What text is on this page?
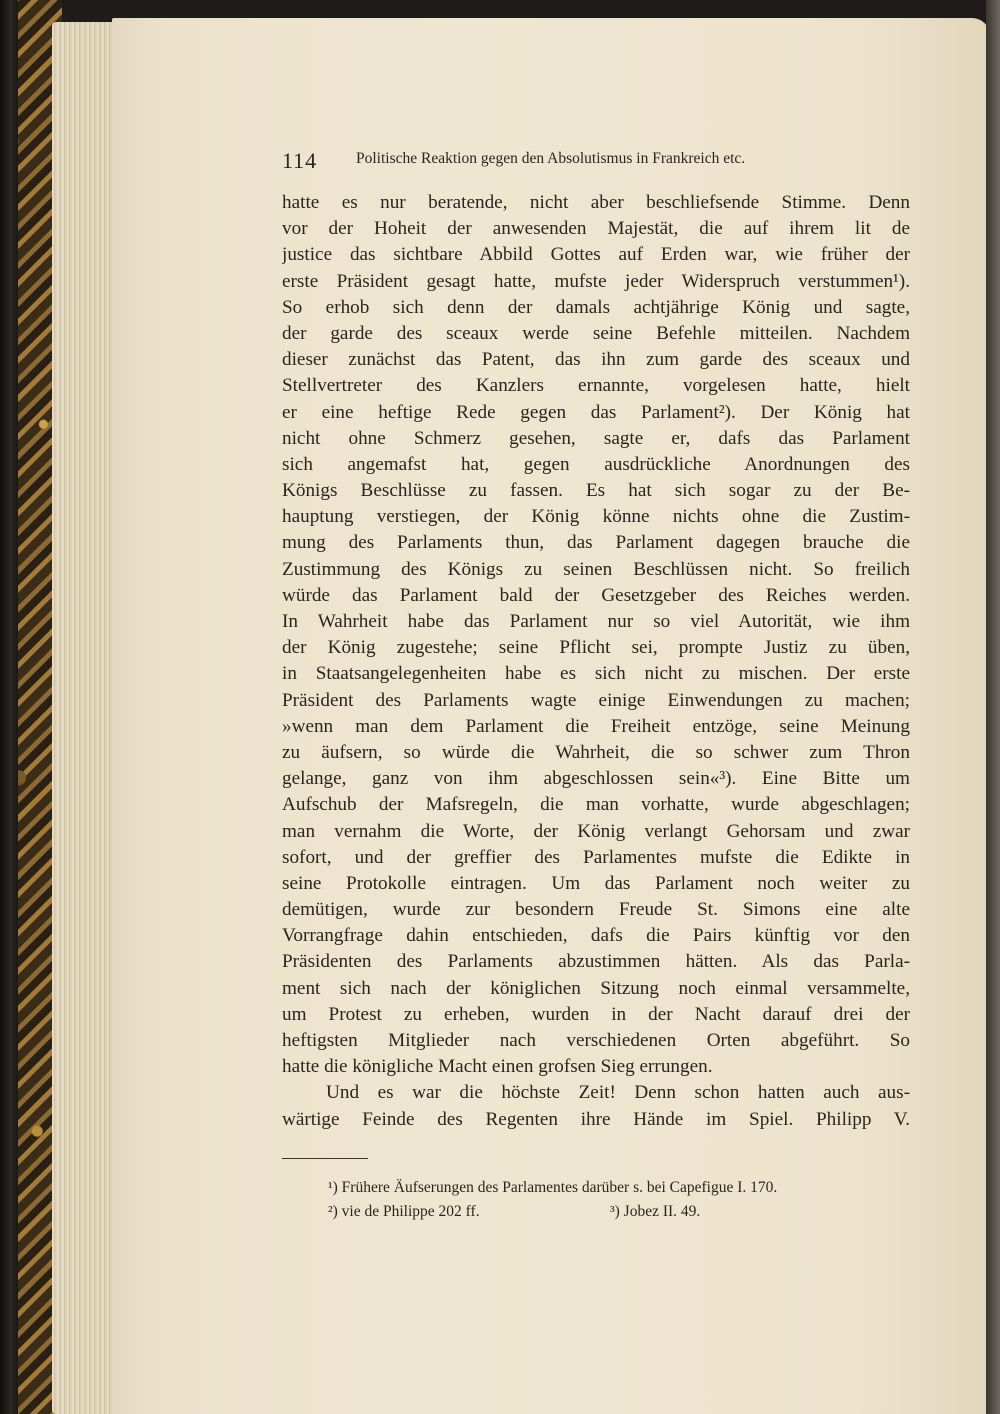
114	Politische Reaktion gegen den Absolutismus in Frankreich etc.
hatte es nur beratende, nicht aber beschliefsende Stimme. Denn
vor der Hoheit der anwesenden Majestät, die auf ihrem lit de
justice das sichtbare Abbild Gottes auf Erden war, wie früher der
erste Präsident gesagt hatte, mufste jeder Widerspruch verstummen¹).
So erhob sich denn der damals achtjährige König und sagte,
der garde des sceaux werde seine Befehle mitteilen. Nachdem
dieser zunächst das Patent, das ihn zum garde des sceaux und
Stellvertreter des Kanzlers ernannte, vorgelesen hatte, hielt
er eine heftige Rede gegen das Parlament²). Der König hat
nicht ohne Schmerz gesehen, sagte er, dafs das Parlament
sich angemafst hat, gegen ausdrückliche Anordnungen des
Königs Beschlüsse zu fassen. Es hat sich sogar zu der Be-
hauptung verstiegen, der König könne nichts ohne die Zustim-
mung des Parlaments thun, das Parlament dagegen brauche die
Zustimmung des Königs zu seinen Beschlüssen nicht. So freilich
würde das Parlament bald der Gesetzgeber des Reiches werden.
In Wahrheit habe das Parlament nur so viel Autorität, wie ihm
der König zugestehe; seine Pflicht sei, prompte Justiz zu üben,
in Staatsangelegenheiten habe es sich nicht zu mischen. Der erste
Präsident des Parlaments wagte einige Einwendungen zu machen;
»wenn man dem Parlament die Freiheit entzöge, seine Meinung
zu äufsern, so würde die Wahrheit, die so schwer zum Thron
gelange, ganz von ihm abgeschlossen sein«³). Eine Bitte um
Aufschub der Mafsregeln, die man vorhatte, wurde abgeschlagen;
man vernahm die Worte, der König verlangt Gehorsam und zwar
sofort, und der greffier des Parlamentes mufste die Edikte in
seine Protokolle eintragen. Um das Parlament noch weiter zu
demütigen, wurde zur besondern Freude St. Simons eine alte
Vorrangfrage dahin entschieden, dafs die Pairs künftig vor den
Präsidenten des Parlaments abzustimmen hätten. Als das Parla-
ment sich nach der königlichen Sitzung noch einmal versammelte,
um Protest zu erheben, wurden in der Nacht darauf drei der
heftigsten Mitglieder nach verschiedenen Orten abgeführt. So
hatte die königliche Macht einen grofsen Sieg errungen.
Und es war die höchste Zeit! Denn schon hatten auch aus-
wärtige Feinde des Regenten ihre Hände im Spiel. Philipp V.
¹) Frühere Äufserungen des Parlamentes darüber s. bei Capefigue I. 170.
²) vie de Philippe 202 ff.	³) Jobez II. 49.
